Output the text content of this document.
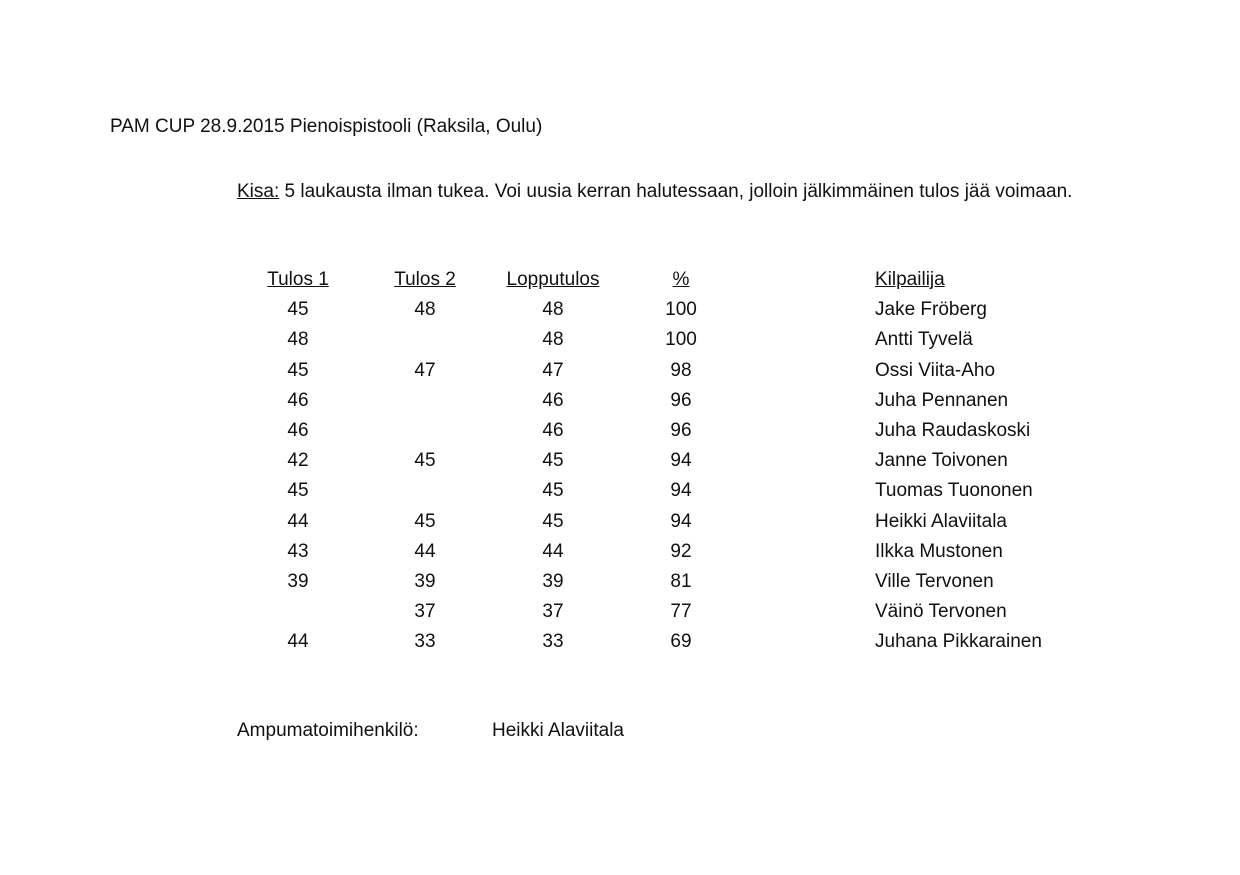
PAM CUP 28.9.2015 Pienoispistooli (Raksila, Oulu)
Kisa: 5 laukausta ilman tukea. Voi uusia kerran halutessaan, jolloin jälkimmäinen tulos jää voimaan.
Tulos 1	Tulos 2	Lopputulos	%		Kilpailija
45	48	48	100		Jake Fröberg
48		48	100		Antti Tyvelä
45	47	47	98		Ossi Viita-Aho
46		46	96		Juha Pennanen
46		46	96		Juha Raudaskoski
42	45	45	94		Janne Toivonen
45		45	94		Tuomas Tuononen
44	45	45	94		Heikki Alaviitala
43	44	44	92		Ilkka Mustonen
39	39	39	81		Ville Tervonen
	37	37	77		Väinö Tervonen
44	33	33	69		Juhana Pikkarainen
Ampumatoimihenkilö:	Heikki Alaviitala
